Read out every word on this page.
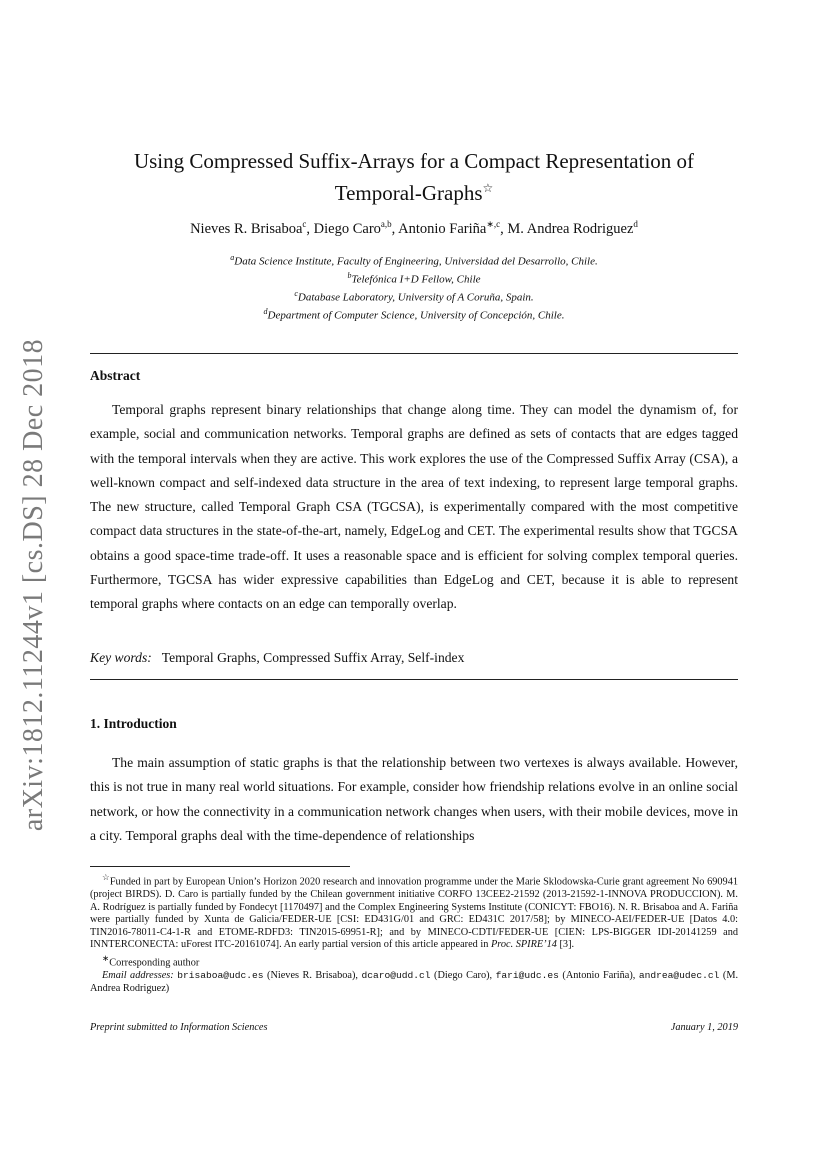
arXiv:1812.11244v1 [cs.DS] 28 Dec 2018
Using Compressed Suffix-Arrays for a Compact Representation of
Temporal-Graphs☆
Nieves R. Brisaboa$^c$, Diego Caro$^{a,b}$, Antonio Fariña$^{∗,c}$, M. Andrea Rodriguez$^d$
$^a$Data Science Institute, Faculty of Engineering, Universidad del Desarrollo, Chile.
$^b$Telefónica I+D Fellow, Chile
$^c$Database Laboratory, University of A Coruña, Spain.
$^d$Department of Computer Science, University of Concepción, Chile.
Abstract
Temporal graphs represent binary relationships that change along time. They can model the dynamism of, for example, social and communication networks. Temporal graphs are defined as sets of contacts that are edges tagged with the temporal intervals when they are active. This work explores the use of the Compressed Suffix Array (CSA), a well-known compact and self-indexed data structure in the area of text indexing, to represent large temporal graphs. The new structure, called Temporal Graph CSA (TGCSA), is experimentally compared with the most competitive compact data structures in the state-of-the-art, namely, EdgeLog and CET. The experimental results show that TGCSA obtains a good space-time trade-off. It uses a reasonable space and is efficient for solving complex temporal queries. Furthermore, TGCSA has wider expressive capabilities than EdgeLog and CET, because it is able to represent temporal graphs where contacts on an edge can temporally overlap.
Key words: Temporal Graphs, Compressed Suffix Array, Self-index
1. Introduction
The main assumption of static graphs is that the relationship between two vertexes is always available. However, this is not true in many real world situations. For example, consider how friendship relations evolve in an online social network, or how the connectivity in a communication network changes when users, with their mobile devices, move in a city. Temporal graphs deal with the time-dependence of relationships

☆Funded in part by European Union’s Horizon 2020 research and innovation programme under the Marie Sklodowska-Curie grant agreement No 690941 (project BIRDS). D. Caro is partially funded by the Chilean government initiative CORFO 13CEE2-21592 (2013-21592-1-INNOVA PRODUCCION). M. A. Rodríguez is partially funded by Fondecyt [1170497] and the Complex Engineering Systems Institute (CONICYT: FBO16). N. R. Brisaboa and A. Fariña were partially funded by Xunta de Galicia/FEDER-UE [CSI: ED431G/01 and GRC: ED431C 2017/58]; by MINECO-AEI/FEDER-UE [Datos 4.0: TIN2016-78011-C4-1-R and ETOME-RDFD3: TIN2015-69951-R]; and by MINECO-CDTI/FEDER-UE [CIEN: LPS-BIGGER IDI-20141259 and INNTERCONECTA: uForest ITC-20161074]. An early partial version of this article appeared in Proc. SPIRE’14 [3].

∗Corresponding author

Email addresses: brisaboa@udc.es (Nieves R. Brisaboa), dcaro@udd.cl (Diego Caro), fari@udc.es (Antonio Fariña), andrea@udec.cl (M. Andrea Rodriguez)

Preprint submitted to Information Sciences	January 1, 2019
